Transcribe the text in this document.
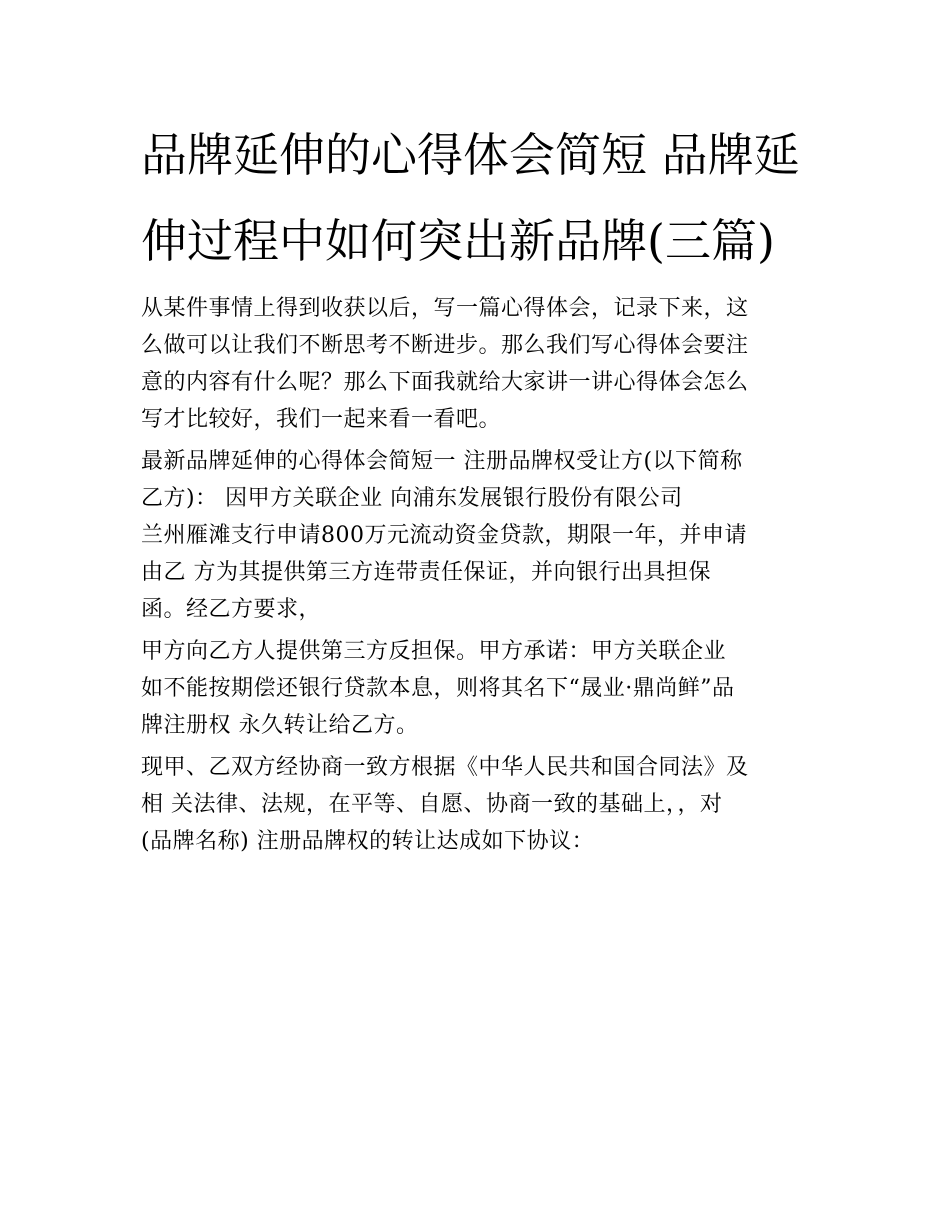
品牌延伸的心得体会简短 品牌延伸过程中如何突出新品牌(三篇)
从某件事情上得到收获以后，写一篇心得体会，记录下来，这
么做可以让我们不断思考不断进步。那么我们写心得体会要注
意的内容有什么呢？那么下面我就给大家讲一讲心得体会怎么
写才比较好，我们一起来看一看吧。
最新品牌延伸的心得体会简短一 注册品牌权受让方(以下简称
乙方)： 因甲方关联企业 向浦东发展银行股份有限公司
兰州雁滩支行申请800万元流动资金贷款，期限一年，并申请
由乙 方为其提供第三方连带责任保证，并向银行出具担保
函。经乙方要求，
甲方向乙方人提供第三方反担保。甲方承诺：甲方关联企业
如不能按期偿还银行贷款本息，则将其名下“晟业·鼎尚鲜”品
牌注册权 永久转让给乙方。
现甲、乙双方经协商一致方根据《中华人民共和国合同法》及
相 关法律、法规，在平等、自愿、协商一致的基础上，，对
(品牌名称) 注册品牌权的转让达成如下协议：
